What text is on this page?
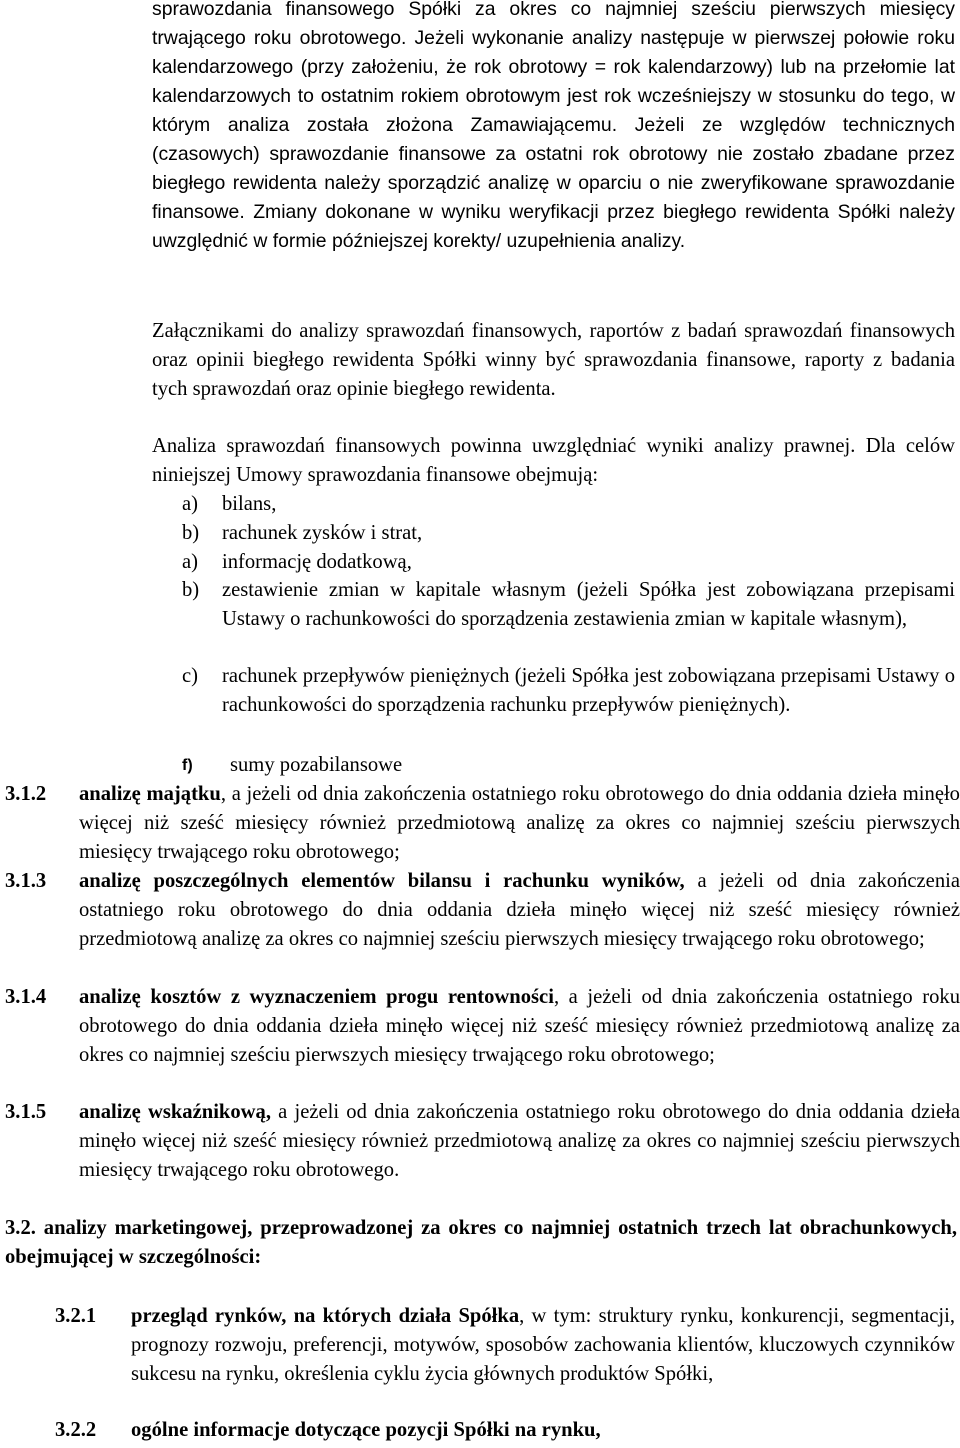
sprawozdania finansowego Spółki za okres co najmniej sześciu pierwszych miesięcy trwającego roku obrotowego. Jeżeli wykonanie analizy następuje w pierwszej połowie roku kalendarzowego (przy założeniu, że rok obrotowy = rok kalendarzowy) lub na przełomie lat kalendarzowych to ostatnim rokiem obrotowym jest rok wcześniejszy w stosunku do tego, w którym analiza została złożona Zamawiającemu. Jeżeli ze względów technicznych (czasowych) sprawozdanie finansowe za ostatni rok obrotowy nie zostało zbadane przez biegłego rewidenta należy sporządzić analizę w oparciu o nie zweryfikowane sprawozdanie finansowe. Zmiany dokonane w wyniku weryfikacji przez biegłego rewidenta Spółki należy uwzględnić w formie późniejszej korekty/ uzupełnienia analizy.

Załącznikami do analizy sprawozdań finansowych, raportów z badań sprawozdań finansowych oraz opinii biegłego rewidenta Spółki winny być sprawozdania finansowe, raporty z badania tych sprawozdań oraz opinie biegłego rewidenta.

Analiza sprawozdań finansowych powinna uwzględniać wyniki analizy prawnej. Dla celów niniejszej Umowy sprawozdania finansowe obejmują:

a) bilans,
b) rachunek zysków i strat,
a) informację dodatkową,
b) zestawienie zmian w kapitale własnym (jeżeli Spółka jest zobowiązana przepisami Ustawy o rachunkowości do sporządzenia zestawienia zmian w kapitale własnym),
c) rachunek przepływów pieniężnych (jeżeli Spółka jest zobowiązana przepisami Ustawy o rachunkowości do sporządzenia rachunku przepływów pieniężnych).
f) sumy pozabilansowe
3.1.2 analizę majątku, a jeżeli od dnia zakończenia ostatniego roku obrotowego do dnia oddania dzieła minęło więcej niż sześć miesięcy również przedmiotową analizę za okres co najmniej sześciu pierwszych miesięcy trwającego roku obrotowego;
3.1.3 analizę poszczególnych elementów bilansu i rachunku wyników, a jeżeli od dnia zakończenia ostatniego roku obrotowego do dnia oddania dzieła minęło więcej niż sześć miesięcy również przedmiotową analizę za okres co najmniej sześciu pierwszych miesięcy trwającego roku obrotowego;
3.1.4 analizę kosztów z wyznaczeniem progu rentowności, a jeżeli od dnia zakończenia ostatniego roku obrotowego do dnia oddania dzieła minęło więcej niż sześć miesięcy również przedmiotową analizę za okres co najmniej sześciu pierwszych miesięcy trwającego roku obrotowego;
3.1.5 analizę wskaźnikową, a jeżeli od dnia zakończenia ostatniego roku obrotowego do dnia oddania dzieła minęło więcej niż sześć miesięcy również przedmiotową analizę za okres co najmniej sześciu pierwszych miesięcy trwającego roku obrotowego.

3.2. analizy marketingowej, przeprowadzonej za okres co najmniej ostatnich trzech lat obrachunkowych, obejmującej w szczególności:

3.2.1 przegląd rynków, na których działa Spółka, w tym: struktury rynku, konkurencji, segmentacji, prognozy rozwoju, preferencji, motywów, sposobów zachowania klientów, kluczowych czynników sukcesu na rynku, określenia cyklu życia głównych produktów Spółki,
3.2.2 ogólne informacje dotyczące pozycji Spółki na rynku,
